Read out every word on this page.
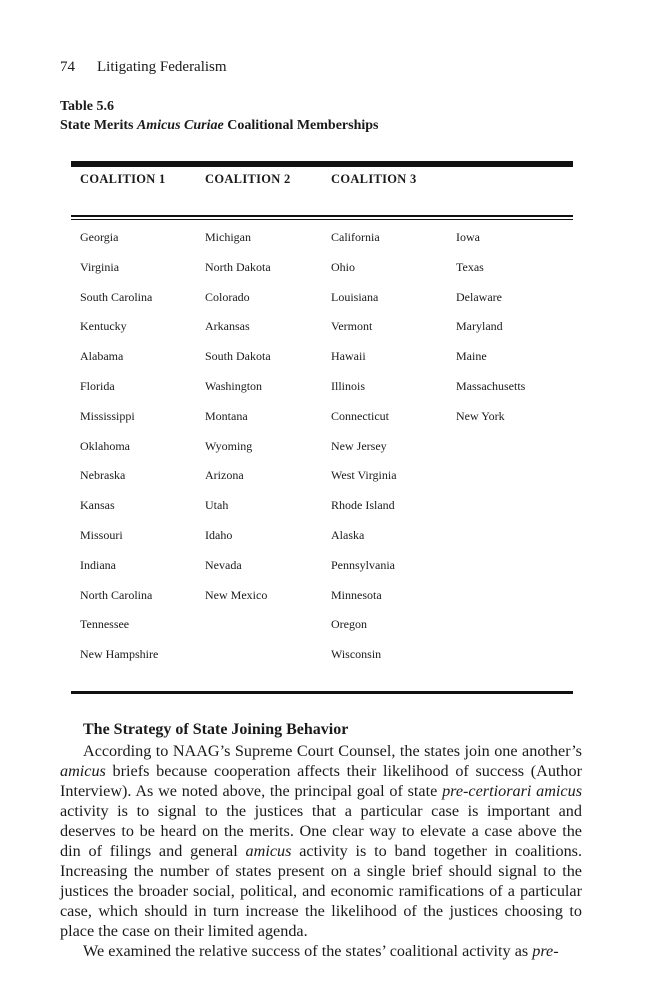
74 Litigating Federalism
Table 5.6
State Merits Amicus Curiae Coalitional Memberships
COALITION 1	COALITION 2	COALITION 3
Georgia
Virginia
South Carolina
Kentucky
Alabama
Florida
Mississippi
Oklahoma
Nebraska
Kansas
Missouri
Indiana
North Carolina
Tennessee
New Hampshire
Michigan
North Dakota
Colorado
Arkansas
South Dakota
Washington
Montana
Wyoming
Arizona
Utah
Idaho
Nevada
New Mexico
California
Ohio
Louisiana
Vermont
Hawaii
Illinois
Connecticut
New Jersey
West Virginia
Rhode Island
Alaska
Pennsylvania
Minnesota
Oregon
Wisconsin
Iowa
Texas
Delaware
Maryland
Maine
Massachusetts
New York
The Strategy of State Joining Behavior

According to NAAG’s Supreme Court Counsel, the states join one another’s amicus briefs because cooperation affects their likelihood of success (Author Interview). As we noted above, the principal goal of state pre-certiorari amicus activity is to signal to the justices that a particular case is important and deserves to be heard on the merits. One clear way to elevate a case above the din of filings and general amicus activity is to band together in coalitions. Increasing the number of states present on a single brief should signal to the justices the broader social, political, and economic ramifications of a particular case, which should in turn increase the likelihood of the justices choosing to place the case on their limited agenda.

We examined the relative success of the states’ coalitional activity as pre-
